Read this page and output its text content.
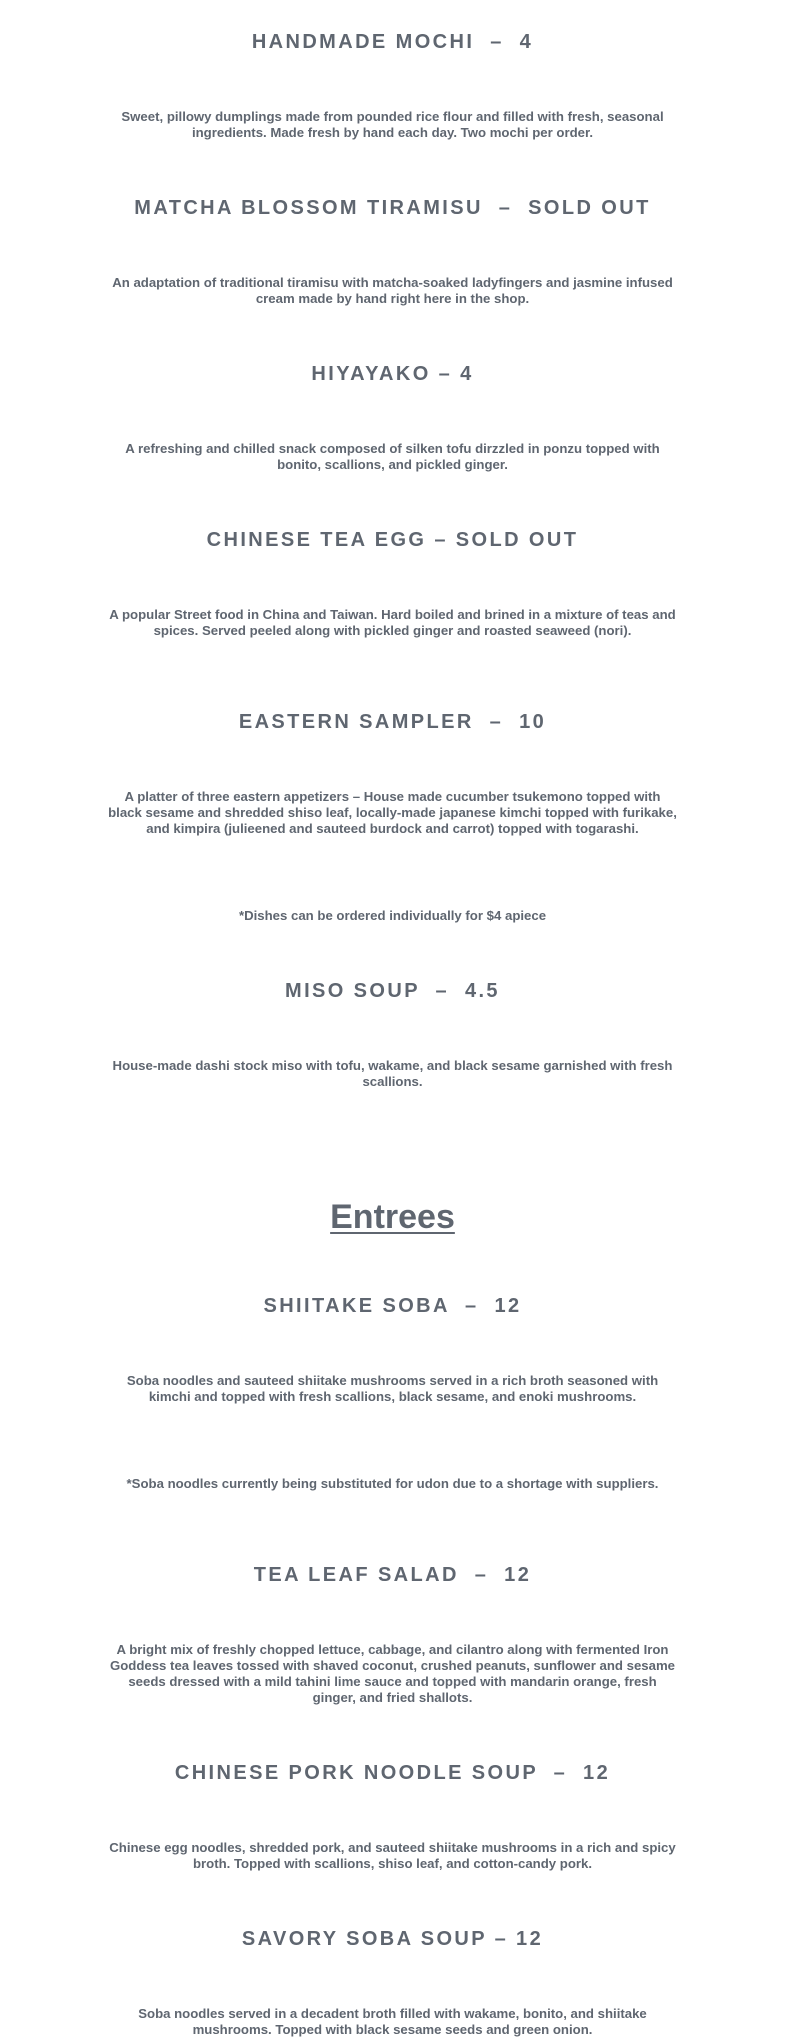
HANDMADE MOCHI  –  4

Sweet, pillowy dumplings made from pounded rice flour and filled with fresh, seasonal ingredients. Made fresh by hand each day. Two mochi per order.

MATCHA BLOSSOM TIRAMISU  –  SOLD OUT

An adaptation of traditional tiramisu with matcha-soaked ladyfingers and jasmine infused cream made by hand right here in the shop.

HIYAYAKO – 4

A refreshing and chilled snack composed of silken tofu dirzzled in ponzu topped with bonito, scallions, and pickled ginger.

CHINESE TEA EGG – SOLD OUT

A popular Street food in China and Taiwan. Hard boiled and brined in a mixture of teas and spices. Served peeled along with pickled ginger and roasted seaweed (nori).

EASTERN SAMPLER  –  10

A platter of three eastern appetizers – House made cucumber tsukemono topped with black sesame and shredded shiso leaf, locally-made japanese kimchi topped with furikake, and kimpira (julieened and sauteed burdock and carrot) topped with togarashi.

*Dishes can be ordered individually for $4 apiece

MISO SOUP  –  4.5

House-made dashi stock miso with tofu, wakame, and black sesame garnished with fresh scallions.

Entrees
SHIITAKE SOBA  –  12

Soba noodles and sauteed shiitake mushrooms served in a rich broth seasoned with kimchi and topped with fresh scallions, black sesame, and enoki mushrooms.

*Soba noodles currently being substituted for udon due to a shortage with suppliers.

TEA LEAF SALAD  –  12

A bright mix of freshly chopped lettuce, cabbage, and cilantro along with fermented Iron Goddess tea leaves tossed with shaved coconut, crushed peanuts, sunflower and sesame seeds dressed with a mild tahini lime sauce and topped with mandarin orange, fresh ginger, and fried shallots.

CHINESE PORK NOODLE SOUP  –  12

Chinese egg noodles, shredded pork, and sauteed shiitake mushrooms in a rich and spicy broth. Topped with scallions, shiso leaf, and cotton-candy pork.

SAVORY SOBA SOUP – 12

Soba noodles served in a decadent broth filled with wakame, bonito, and shiitake mushrooms. Topped with black sesame seeds and green onion.
